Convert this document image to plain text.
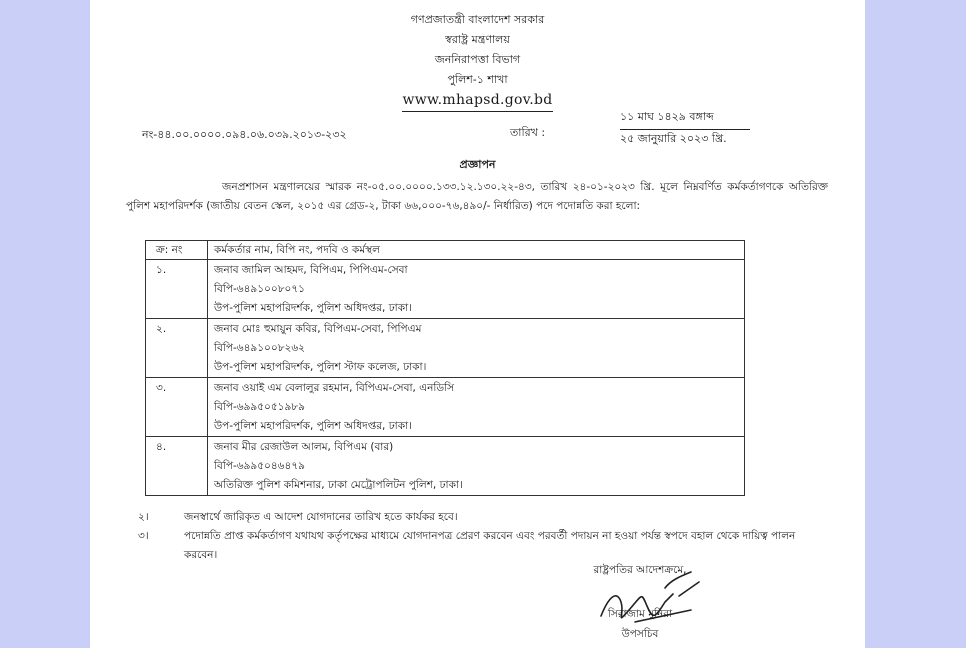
গণপ্রজাতন্ত্রী বাংলাদেশ সরকার
স্বরাষ্ট্র মন্ত্রণালয়
জননিরাপত্তা বিভাগ
পুলিশ-১ শাখা
www.mhapsd.gov.bd
নং-৪৪.০০.০০০০.০৯৪.০৬.০৩৯.২০১৩-২৩২	তারিখ :
১১ মাঘ ১৪২৯ বঙ্গাব্দ
২৫ জানুয়ারি ২০২৩ খ্রি.
প্রজ্ঞাপন
জনপ্রশাসন মন্ত্রণালয়ের স্মারক নং-০৫.০০.০০০০.১৩৩.১২.১৩০.২২-৪৩, তারিখ ২৪-০১-২০২৩ খ্রি. মূলে নিম্নবর্ণিত কর্মকর্তাগণকে অতিরিক্ত পুলিশ মহাপরিদর্শক (জাতীয় বেতন স্কেল, ২০১৫ এর গ্রেড-২, টাকা ৬৬,০০০-৭৬,৪৯০/- নির্ধারিত) পদে পদোন্নতি করা হলো:
ক্র: নং	কর্মকর্তার নাম, বিপি নং, পদবি ও কর্মস্থল
১.	জনাব জামিল আহমদ, বিপিএম, পিপিএম-সেবা
বিপি-৬৪৯১০০৮০৭১
উপ-পুলিশ মহাপরিদর্শক, পুলিশ অধিদপ্তর, ঢাকা।

২.	জনাব মোঃ হুমায়ুন কবির, বিপিএম-সেবা, পিপিএম
বিপি-৬৪৯১০০৮২৬২
উপ-পুলিশ মহাপরিদর্শক, পুলিশ স্টাফ কলেজ, ঢাকা।

৩.	জনাব ওয়াই এম বেলালুর রহমান, বিপিএম-সেবা, এনডিসি
বিপি-৬৯৯৫০৫১৯৮৯
উপ-পুলিশ মহাপরিদর্শক, পুলিশ অধিদপ্তর, ঢাকা।

৪.	জনাব মীর রেজাউল আলম, বিপিএম (বার)
বিপি-৬৯৯৫০৪৬৪৭৯
অতিরিক্ত পুলিশ কমিশনার, ঢাকা মেট্রোপলিটন পুলিশ, ঢাকা।
২।	জনস্বার্থে জারিকৃত এ আদেশ যোগদানের তারিখ হতে কার্যকর হবে।
৩।	পদোন্নতি প্রাপ্ত কর্মকর্তাগণ যথাযথ কর্তৃপক্ষের মাধ্যমে যোগদানপত্র প্রেরণ করবেন এবং পরবর্তী পদায়ন না হওয়া পর্যন্ত স্বপদে বহাল থেকে দায়িত্ব পালন করবেন।
রাষ্ট্রপতির আদেশক্রমে,
সিরাজাম মুনিরা
উপসচিব
